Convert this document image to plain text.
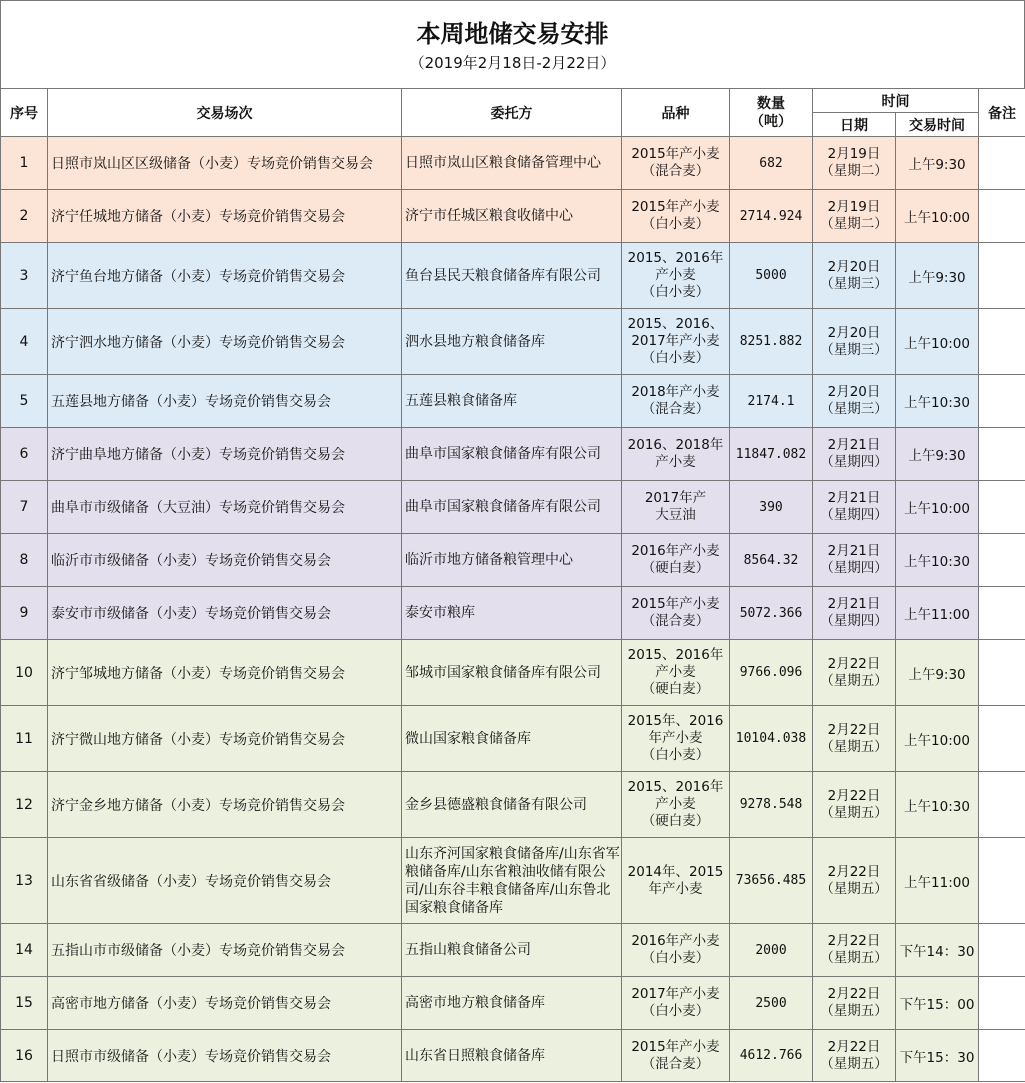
本周地储交易安排
（2019年2月18日-2月22日）
序号	交易场次	委托方	品种	数量
（吨）	时间		备注
					日期	交易时间	
1	日照市岚山区区级储备（小麦）专场竞价销售交易会	日照市岚山区粮食储备管理中心	2015年产小麦
（混合麦）	682	2月19日
（星期二）	上午9:30	
2	济宁任城地方储备（小麦）专场竞价销售交易会	济宁市任城区粮食收储中心	2015年产小麦
（白小麦）	2714.924	2月19日
（星期二）	上午10:00	
3	济宁鱼台地方储备（小麦）专场竞价销售交易会	鱼台县民天粮食储备库有限公司	2015、2016年
产小麦
（白小麦）	5000	2月20日
（星期三）	上午9:30	
4	济宁泗水地方储备（小麦）专场竞价销售交易会	泗水县地方粮食储备库	2015、2016、
2017年产小麦
（白小麦）	8251.882	2月20日
（星期三）	上午10:00	
5	五莲县地方储备（小麦）专场竞价销售交易会	五莲县粮食储备库	2018年产小麦
（混合麦）	2174.1	2月20日
（星期三）	上午10:30	
6	济宁曲阜地方储备（小麦）专场竞价销售交易会	曲阜市国家粮食储备库有限公司	2016、2018年
产小麦	11847.082	2月21日
（星期四）	上午9:30	
7	曲阜市市级储备（大豆油）专场竞价销售交易会	曲阜市国家粮食储备库有限公司	2017年产
大豆油	390	2月21日
（星期四）	上午10:00	
8	临沂市市级储备（小麦）专场竞价销售交易会	临沂市地方储备粮管理中心	2016年产小麦
（硬白麦）	8564.32	2月21日
（星期四）	上午10:30	
9	泰安市市级储备（小麦）专场竞价销售交易会	泰安市粮库	2015年产小麦
（混合麦）	5072.366	2月21日
（星期四）	上午11:00	
10	济宁邹城地方储备（小麦）专场竞价销售交易会	邹城市国家粮食储备库有限公司	2015、2016年
产小麦
（硬白麦）	9766.096	2月22日
（星期五）	上午9:30	
11	济宁微山地方储备（小麦）专场竞价销售交易会	微山国家粮食储备库	2015年、2016
年产小麦
（白小麦）	10104.038	2月22日
（星期五）	上午10:00	
12	济宁金乡地方储备（小麦）专场竞价销售交易会	金乡县德盛粮食储备有限公司	2015、2016年
产小麦
（硬白麦）	9278.548	2月22日
（星期五）	上午10:30	
13	山东省省级储备（小麦）专场竞价销售交易会	山东齐河国家粮食储备库/山东省军粮储备库/山东省粮油收储有限公司/山东谷丰粮食储备库/山东鲁北国家粮食储备库	2014年、2015
年产小麦	73656.485	2月22日
（星期五）	上午11:00	
14	五指山市市级储备（小麦）专场竞价销售交易会	五指山粮食储备公司	2016年产小麦
（白小麦）	2000	2月22日
（星期五）	下午14：30	
15	高密市地方储备（小麦）专场竞价销售交易会	高密市地方粮食储备库	2017年产小麦
（白小麦）	2500	2月22日
（星期五）	下午15：00	
16	日照市市级储备（小麦）专场竞价销售交易会	山东省日照粮食储备库	2015年产小麦
（混合麦）	4612.766	2月22日
（星期五）	下午15：30	
